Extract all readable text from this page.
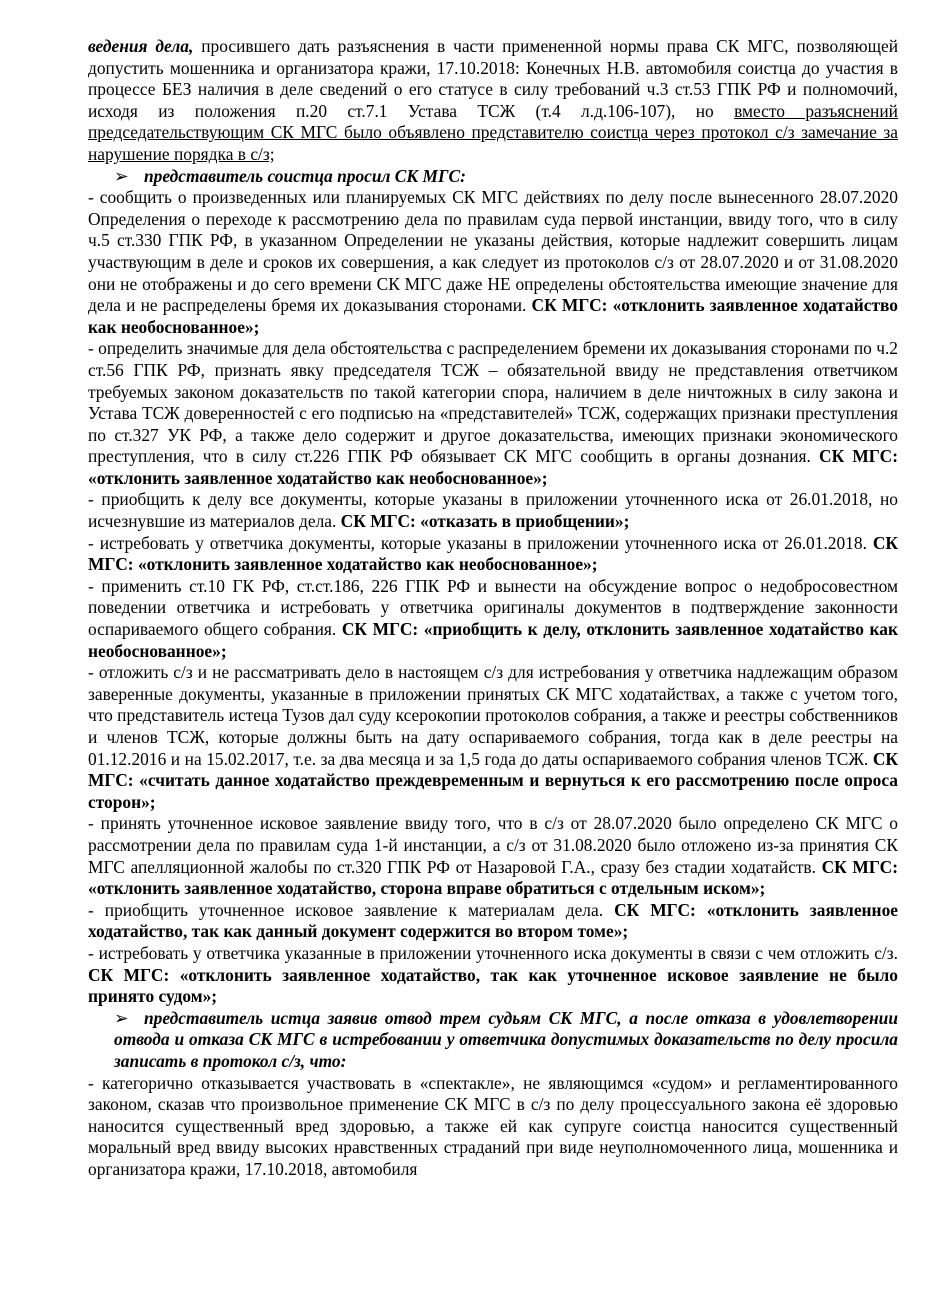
ведения дела, просившего дать разъяснения в части примененной нормы права СК МГС, позволяющей допустить мошенника и организатора кражи, 17.10.2018: Конечных Н.В. автомобиля соистца до участия в процессе БЕЗ наличия в деле сведений о его статусе в силу требований ч.3 ст.53 ГПК РФ и полномочий, исходя из положения п.20 ст.7.1 Устава ТСЖ (т.4 л.д.106-107), но вместо разъяснений председательствующим СК МГС было объявлено представителю соистца через протокол с/з замечание за нарушение порядка в с/з;

➢ представитель соистца просил СК МГС:

- сообщить о произведенных или планируемых СК МГС действиях по делу после вынесенного 28.07.2020 Определения о переходе к рассмотрению дела по правилам суда первой инстанции, ввиду того, что в силу ч.5 ст.330 ГПК РФ, в указанном Определении не указаны действия, которые надлежит совершить лицам участвующим в деле и сроков их совершения, а как следует из протоколов с/з от 28.07.2020 и от 31.08.2020 они не отображены и до сего времени СК МГС даже НЕ определены обстоятельства имеющие значение для дела и не распределены бремя их доказывания сторонами. СК МГС: «отклонить заявленное ходатайство как необоснованное»;

- определить значимые для дела обстоятельства с распределением бремени их доказывания сторонами по ч.2 ст.56 ГПК РФ, признать явку председателя ТСЖ – обязательной ввиду не представления ответчиком требуемых законом доказательств по такой категории спора, наличием в деле ничтожных в силу закона и Устава ТСЖ доверенностей с его подписью на «представителей» ТСЖ, содержащих признаки преступления по ст.327 УК РФ, а также дело содержит и другое доказательства, имеющих признаки экономического преступления, что в силу ст.226 ГПК РФ обязывает СК МГС сообщить в органы дознания. СК МГС: «отклонить заявленное ходатайство как необоснованное»;

- приобщить к делу все документы, которые указаны в приложении уточненного иска от 26.01.2018, но исчезнувшие из материалов дела. СК МГС: «отказать в приобщении»;

- истребовать у ответчика документы, которые указаны в приложении уточненного иска от 26.01.2018. СК МГС: «отклонить заявленное ходатайство как необоснованное»;

- применить ст.10 ГК РФ, ст.ст.186, 226 ГПК РФ и вынести на обсуждение вопрос о недобросовестном поведении ответчика и истребовать у ответчика оригиналы документов в подтверждение законности оспариваемого общего собрания. СК МГС: «приобщить к делу, отклонить заявленное ходатайство как необоснованное»;

- отложить с/з и не рассматривать дело в настоящем с/з для истребования у ответчика надлежащим образом заверенные документы, указанные в приложении принятых СК МГС ходатайствах, а также с учетом того, что представитель истеца Тузов дал суду ксерокопии протоколов собрания, а также и реестры собственников и членов ТСЖ, которые должны быть на дату оспариваемого собрания, тогда как в деле реестры на 01.12.2016 и на 15.02.2017, т.е. за два месяца и за 1,5 года до даты оспариваемого собрания членов ТСЖ. СК МГС: «считать данное ходатайство преждевременным и вернуться к его рассмотрению после опроса сторон»;

- принять уточненное исковое заявление ввиду того, что в с/з от 28.07.2020 было определено СК МГС о рассмотрении дела по правилам суда 1-й инстанции, а с/з от 31.08.2020 было отложено из-за принятия СК МГС апелляционной жалобы по ст.320 ГПК РФ от Назаровой Г.А., сразу без стадии ходатайств. СК МГС: «отклонить заявленное ходатайство, сторона вправе обратиться с отдельным иском»;

- приобщить уточненное исковое заявление к материалам дела. СК МГС: «отклонить заявленное ходатайство, так как данный документ содержится во втором томе»;

- истребовать у ответчика указанные в приложении уточненного иска документы в связи с чем отложить с/з. СК МГС: «отклонить заявленное ходатайство, так как уточненное исковое заявление не было принято судом»;

➢ представитель истца заявив отвод трем судьям СК МГС, а после отказа в удовлетворении отвода и отказа СК МГС в истребовании у ответчика допустимых доказательств по делу просила записать в протокол с/з, что:

- категорично отказывается участвовать в «спектакле», не являющимся «судом» и регламентированного законом, сказав что произвольное применение СК МГС в с/з по делу процессуального закона её здоровью наносится существенный вред здоровью, а также ей как супруге соистца наносится существенный моральный вред ввиду высоких нравственных страданий при виде неуполномоченного лица, мошенника и организатора кражи, 17.10.2018, автомобиля
